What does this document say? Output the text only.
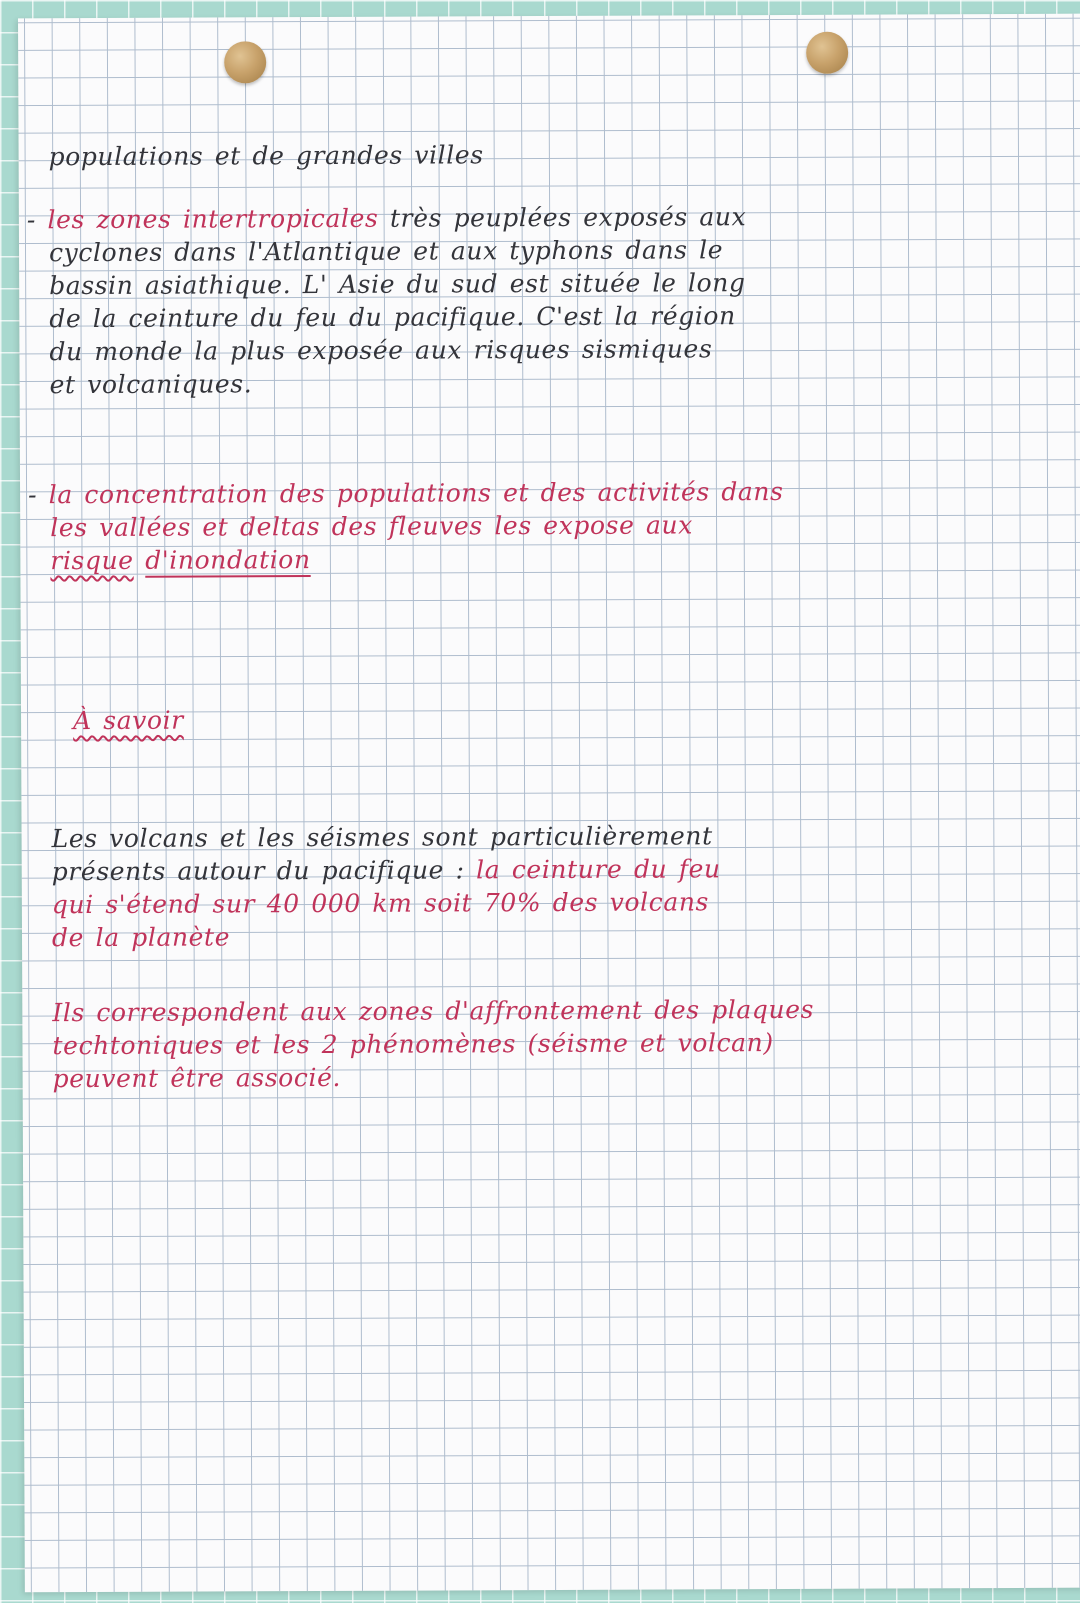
populations et de grandes villes
- les zones intertropicales très peuplées exposés aux
cyclones dans l'Atlantique et aux typhons dans le
bassin asiathique. L' Asie du sud est située le long
de la ceinture du feu du pacifique. C'est la région
du monde la plus exposée aux risques sismiques
et volcaniques.
- la concentration des populations et des activités dans
les vallées et deltas des fleuves les expose aux
risque d'inondation
À savoir
Les volcans et les séismes sont particulièrement
présents autour du pacifique : la ceinture du feu
qui s'étend sur 40 000 km soit 70% des volcans
de la planète
Ils correspondent aux zones d'affrontement des plaques
techtoniques et les 2 phénomènes (séisme et volcan)
peuvent être associé.
